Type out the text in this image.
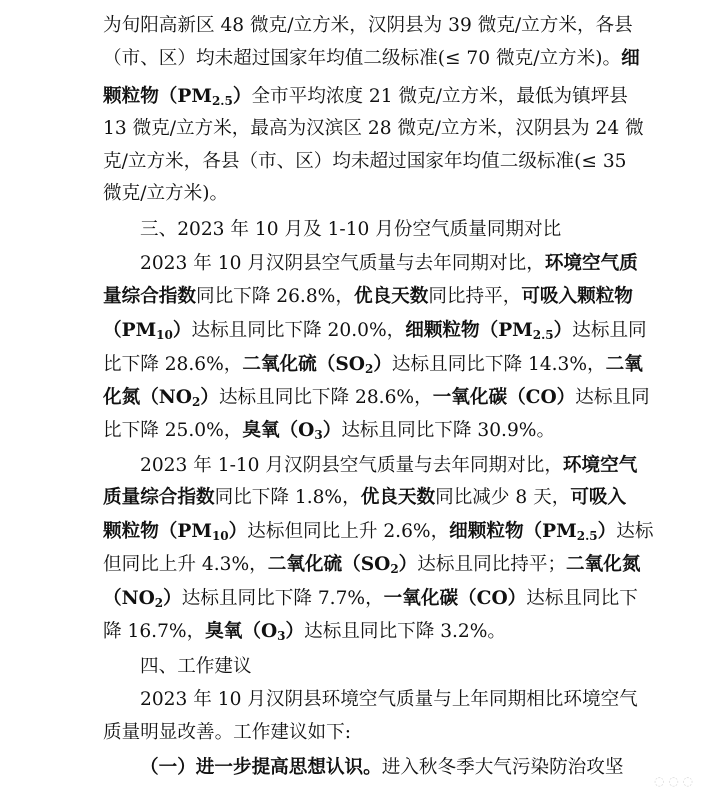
为旬阳高新区 48 微克/立方米，汉阴县为 39 微克/立方米，各县
（市、区）均未超过国家年均值二级标准(≤ 70 微克/立方米)。细
颗粒物$(PM_{2.5})$全市平均浓度 21 微克/立方米，最低为镇坪县
13 微克/立方米，最高为汉滨区 28 微克/立方米，汉阴县为 24 微
克/立方米，各县（市、区）均未超过国家年均值二级标准(≤ 35
微克/立方米)。
三、2023 年 10 月及 1-10 月份空气质量同期对比
2023 年 10 月汉阴县空气质量与去年同期对比，环境空气质
量综合指数同比下降 26.8%，优良天数同比持平，可吸入颗粒物
$(PM_{10})$达标且同比下降 20.0%，细颗粒物$(PM_{2.5})$达标且同
比下降 28.6%，二氧化硫$(SO_2)$达标且同比下降 14.3%，二氧
化氮$(NO_2)$达标且同比下降 28.6%，一氧化碳（CO）达标且同
比下降 25.0%，臭氧$(O_3)$达标且同比下降 30.9%。
2023 年 1-10 月汉阴县空气质量与去年同期对比，环境空气
质量综合指数同比下降 1.8%，优良天数同比减少 8 天，可吸入
颗粒物$(PM_{10})$达标但同比上升 2.6%，细颗粒物$(PM_{2.5})$达标
但同比上升 4.3%，二氧化硫$(SO_2)$达标且同比持平；二氧化氮
$(NO_2)$达标且同比下降 7.7%，一氧化碳（CO）达标且同比下
降 16.7%，臭氧$(O_3)$达标且同比下降 3.2%。
四、工作建议
2023 年 10 月汉阴县环境空气质量与上年同期相比环境空气
质量明显改善。工作建议如下:
（一）进一步提高思想认识。进入秋冬季大气污染防治攻坚
◌ ◌ ◌
